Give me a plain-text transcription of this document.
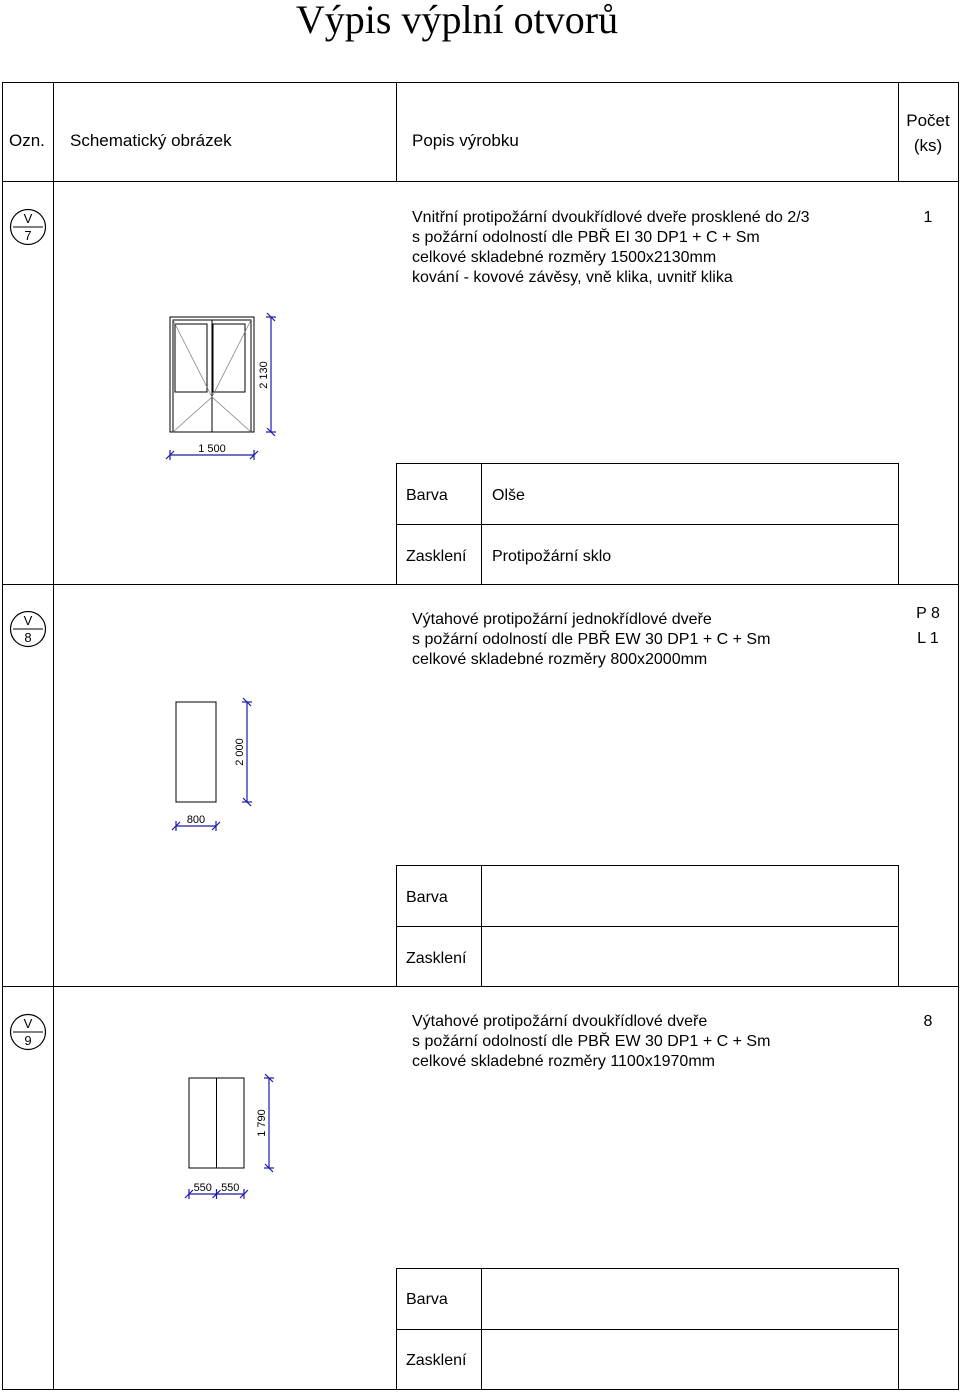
Výpis výplní otvorů
Ozn. Schematický obrázek	Popis výrobku
Počet
(ks)
V
7
Vnitřní protipožární dvoukřídlové dveře prosklené do 2/3
s požární odolností dle PBŘ EI 30 DP1 + C + Sm
celkové skladebné rozměry 1500x2130mm
kování - kovové závěsy, vně klika, uvnitř klika
1
2 130
1 500
Barva	Olše
Zasklení Protipožární sklo
V
8
Výtahové protipožární jednokřídlové dveře
s požární odolností dle PBŘ EW 30 DP1 + C + Sm
celkové skladebné rozměry 800x2000mm
P 8
L 1
2 000
800
Barva
Zasklení
V
9
Výtahové protipožární dvoukřídlové dveře
s požární odolností dle PBŘ EW 30 DP1 + C + Sm
celkové skladebné rozměry 1100x1970mm
8
1 790
550 550
Barva
Zasklení
